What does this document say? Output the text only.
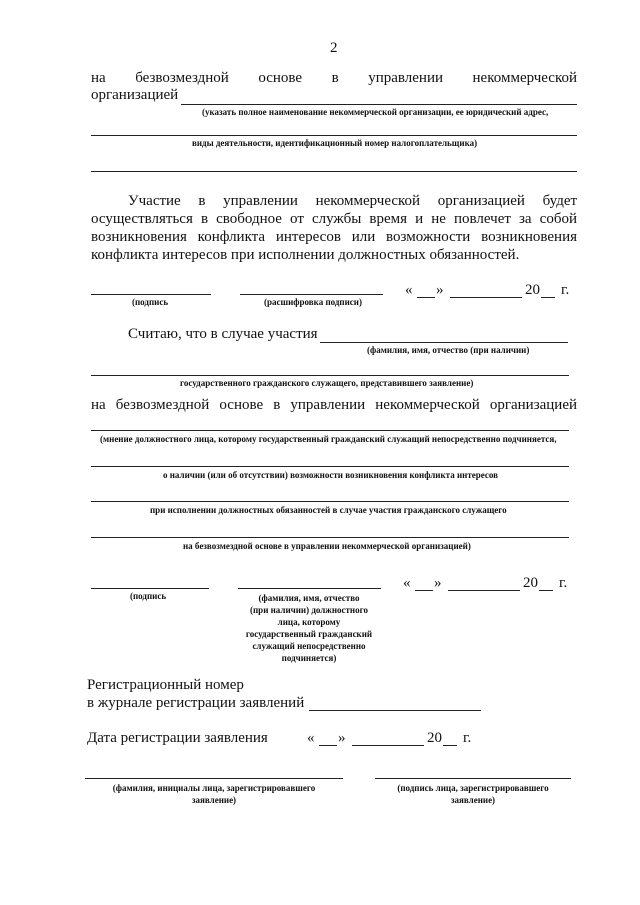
2
на безвозмездной основе в управлении некоммерческой
организацией
(указать полное наименование некоммерческой организации, ее юридический адрес,
виды деятельности, идентификационный номер налогоплательщика)
Участие в управлении некоммерческой организацией будет
осуществляться в свободное от службы время и не повлечет за собой
возникновения конфликта интересов или возможности возникновения
конфликта интересов при исполнении должностных обязанностей.
(подпись	(расшифровка подписи)
« »	20 г.
Считаю, что в случае участия
(фамилия, имя, отчество (при наличии)
государственного гражданского служащего, представившего заявление)
на безвозмездной основе в управлении некоммерческой организацией
(мнение должностного лица, которому государственный гражданский служащий непосредственно подчиняется,
о наличии (или об отсутствии) возможности возникновения конфликта интересов
при исполнении должностных обязанностей в случае участия гражданского служащего
на безвозмездной основе в управлении некоммерческой организацией)
(подпись	(фамилия, имя, отчество
(при наличии) должностного
лица, которому
государственный гражданский
служащий непосредственно
подчиняется)
« »	20 г.
Регистрационный номер
в журнале регистрации заявлений
Дата регистрации заявления	« »	20 г.
(фамилия, инициалы лица, зарегистрировавшего
заявление)
(подпись лица, зарегистрировавшего
заявление)
